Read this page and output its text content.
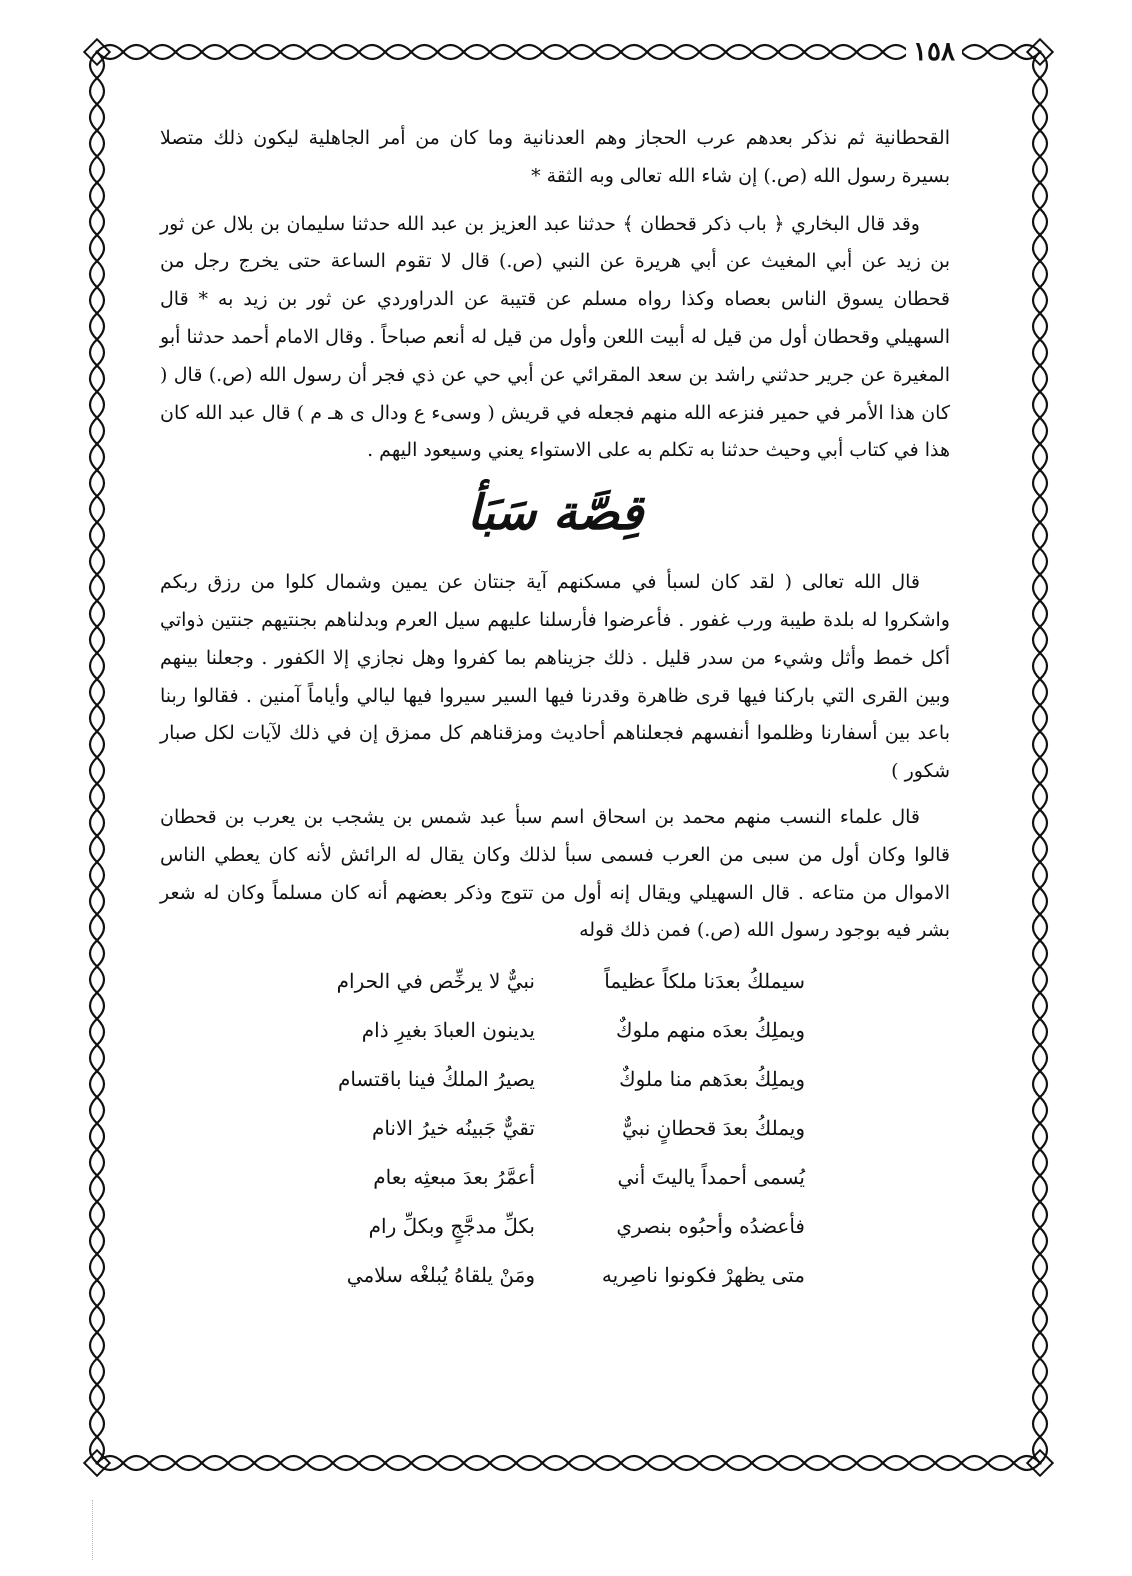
١٥٨

القحطانية ثم نذكر بعدهم عرب الحجاز وهم العدنانية وما كان من أمر الجاهلية ليكون ذلك متصلا بسيرة رسول الله (ص.) إن شاء الله تعالى وبه الثقة *

وقد قال البخاري ﴿ باب ذكر قحطان ﴾ حدثنا عبد العزيز بن عبد الله حدثنا سليمان بن بلال عن ثور بن زيد عن أبي المغيث عن أبي هريرة عن النبي (ص.) قال لا تقوم الساعة حتى يخرج رجل من قحطان يسوق الناس بعصاه وكذا رواه مسلم عن قتيبة عن الدراوردي عن ثور بن زيد به * قال السهيلي وقحطان أول من قيل له أبيت اللعن وأول من قيل له أنعم صباحاً . وقال الامام أحمد حدثنا أبو المغيرة عن جرير حدثني راشد بن سعد المقرائي عن أبي حي عن ذي فجر أن رسول الله (ص.) قال ( كان هذا الأمر في حمير فنزعه الله منهم فجعله في قريش ( وسىء ع ودال ى هـ م ) قال عبد الله كان هذا في كتاب أبي وحيث حدثنا به تكلم به على الاستواء يعني وسيعود اليهم .

قِصَّة سَبَأ

قال الله تعالى ( لقد كان لسبأ في مسكنهم آية جنتان عن يمين وشمال كلوا من رزق ربكم واشكروا له بلدة طيبة ورب غفور . فأعرضوا فأرسلنا عليهم سيل العرم وبدلناهم بجنتيهم جنتين ذواتي أكل خمط وأثل وشيء من سدر قليل . ذلك جزيناهم بما كفروا وهل نجازي إلا الكفور . وجعلنا بينهم وبين القرى التي باركنا فيها قرى ظاهرة وقدرنا فيها السير سيروا فيها ليالي وأياماً آمنين . فقالوا ربنا باعد بين أسفارنا وظلموا أنفسهم فجعلناهم أحاديث ومزقناهم كل ممزق إن في ذلك لآيات لكل صبار شكور )

قال علماء النسب منهم محمد بن اسحاق اسم سبأ عبد شمس بن يشجب بن يعرب بن قحطان قالوا وكان أول من سبى من العرب فسمى سبأ لذلك وكان يقال له الرائش لأنه كان يعطي الناس الاموال من متاعه . قال السهيلي ويقال إنه أول من تتوج وذكر بعضهم أنه كان مسلماً وكان له شعر بشر فيه بوجود رسول الله (ص.) فمن ذلك قوله

سيملكُ بعدَنا ملكاً عظيماً
نبيٌّ لا يرخِّص في الحرام
ويملِكُ بعدَه منهم ملوكٌ
يدينون العبادَ بغيرِ ذام
ويملِكُ بعدَهم منا ملوكٌ
يصيرُ الملكُ فينا باقتسام
ويملكُ بعدَ قحطانٍ نبيٌّ
تقيٌّ جَبينُه خيرُ الانام
يُسمى أحمداً ياليتَ أني
أعمَّرُ بعدَ مبعثِه بعام
فأعضدُه وأحبُوه بنصري
بكلِّ مدجَّجٍ وبكلِّ رام
متى يظهرْ فكونوا ناصِريه
ومَنْ يلقاهُ يُبلغْه سلامي
